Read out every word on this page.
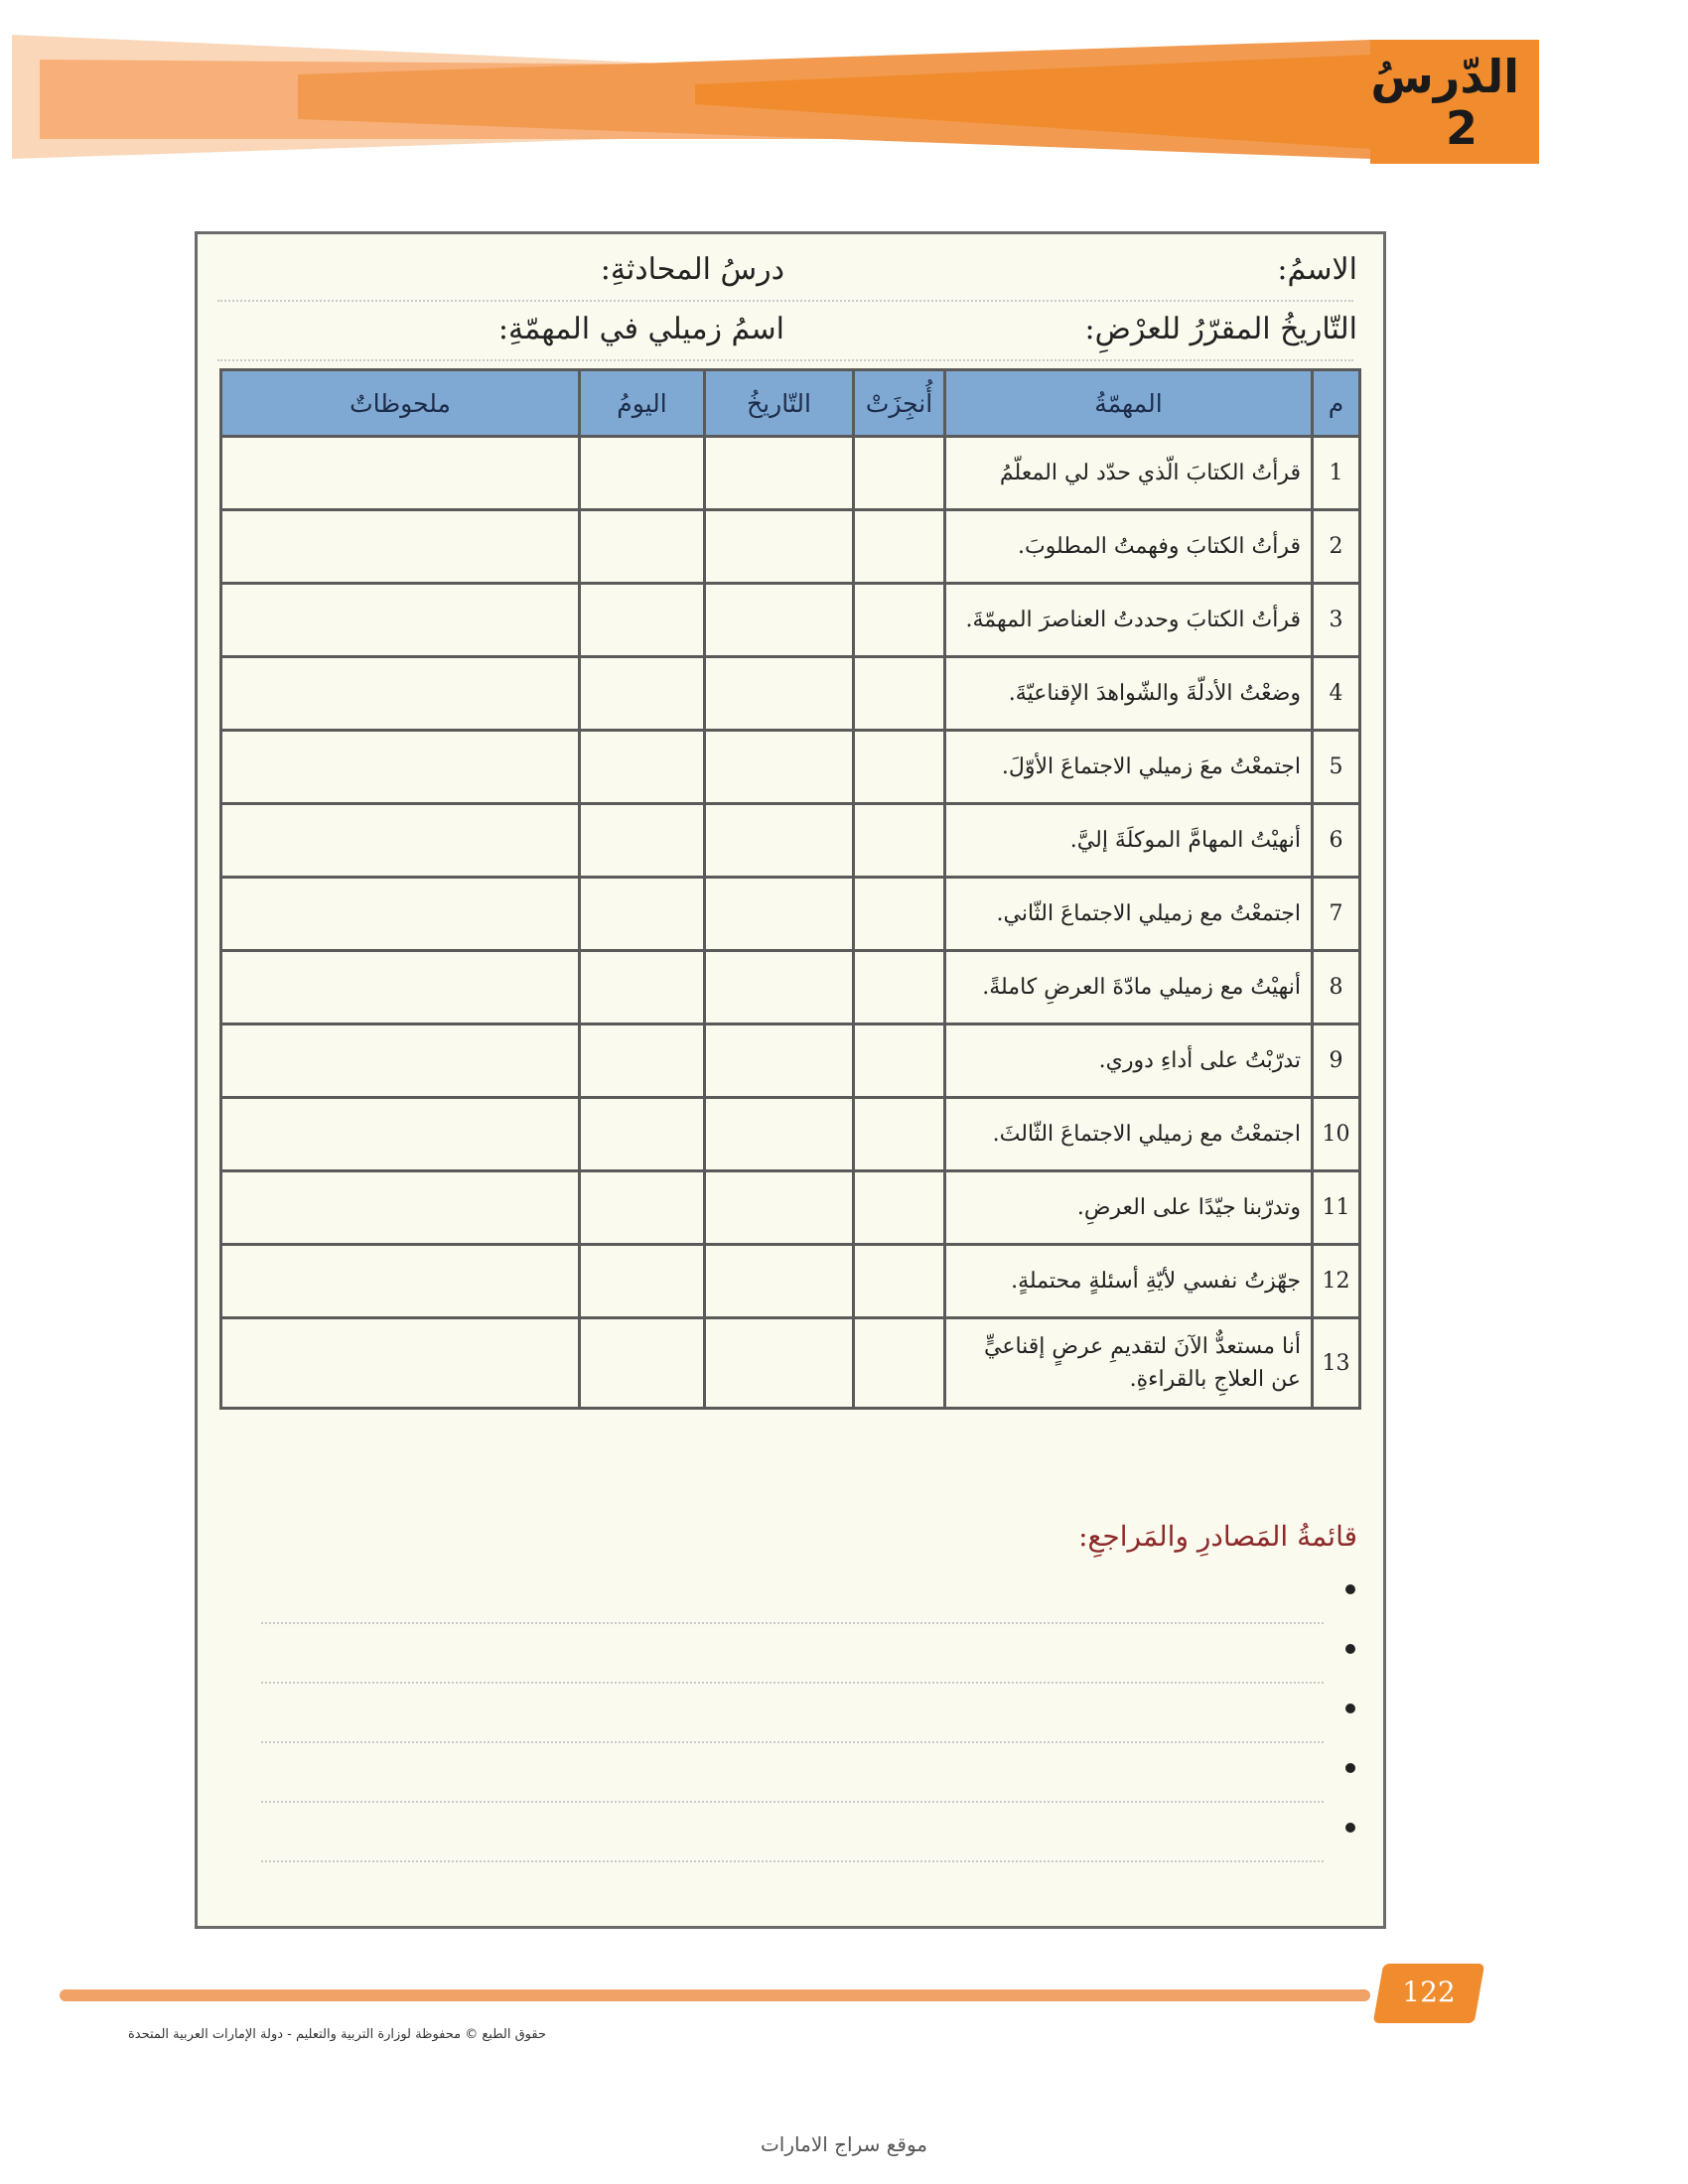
الدّرسُ
2
الاسمُ:
درسُ المحادثةِ:
التّاريخُ المقرّرُ للعرْضِ:
اسمُ زميلي في المهمّةِ:
م	المهمّةُ	أُنجِزَتْ	التّاريخُ	اليومُ	ملحوظاتٌ
1	قرأتُ الكتابَ الّذي حدّد لي المعلّمُ				
2	قرأتُ الكتابَ وفهمتُ المطلوبَ.				
3	قرأتُ الكتابَ وحددتُ العناصرَ المهمّةَ.				
4	وضعْتُ الأدلّةَ والشّواهدَ الإقناعيّةَ.				
5	اجتمعْتُ معَ زميلي الاجتماعَ الأوّلَ.				
6	أنهيْتُ المهامَّ الموكلَةَ إليَّ.				
7	اجتمعْتُ مع زميلي الاجتماعَ الثّاني.				
8	أنهيْتُ مع زميلي مادّةَ العرضِ كاملةً.				
9	تدرّبْتُ على أداءِ دوري.				
10	اجتمعْتُ مع زميلي الاجتماعَ الثّالثَ.				
11	وتدرّبنا جيّدًا على العرضِ.				
12	جهّزتُ نفسي لأيّةِ أسئلةٍ محتملةٍ.				
13	أنا مستعدٌّ الآنَ لتقديمِ عرضٍ إقناعيٍّ عن العلاجِ بالقراءةِ.				
قائمةُ المَصادرِ والمَراجعِ:
122
حقوق الطبع © محفوظة لوزارة التربية والتعليم - دولة الإمارات العربية المتحدة
موقع سراج الامارات
